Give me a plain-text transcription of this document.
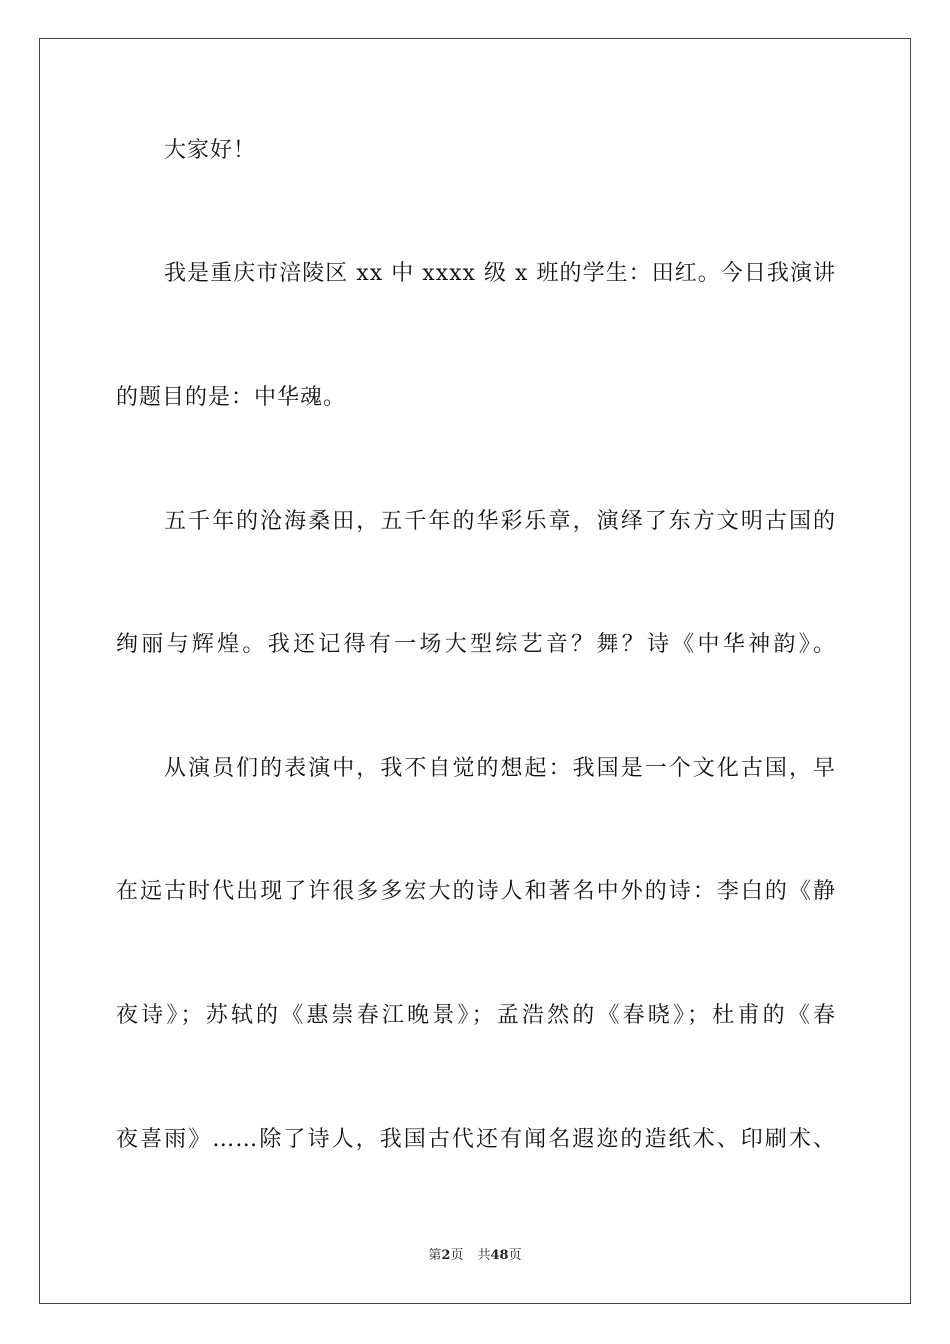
大家好！
我是重庆市涪陵区 xx 中 xxxx 级 x 班的学生：田红。今日我演讲
的题目的是：中华魂。
五千年的沧海桑田，五千年的华彩乐章，演绎了东方文明古国的
绚丽与辉煌。我还记得有一场大型综艺音？舞？诗《中华神韵》。
从演员们的表演中，我不自觉的想起：我国是一个文化古国，早
在远古时代出现了许很多多宏大的诗人和著名中外的诗：李白的《静
夜诗》；苏轼的《惠崇春江晚景》；孟浩然的《春晓》；杜甫的《春
夜喜雨》……除了诗人，我国古代还有闻名遐迩的造纸术、印刷术、
第2页 共48页
